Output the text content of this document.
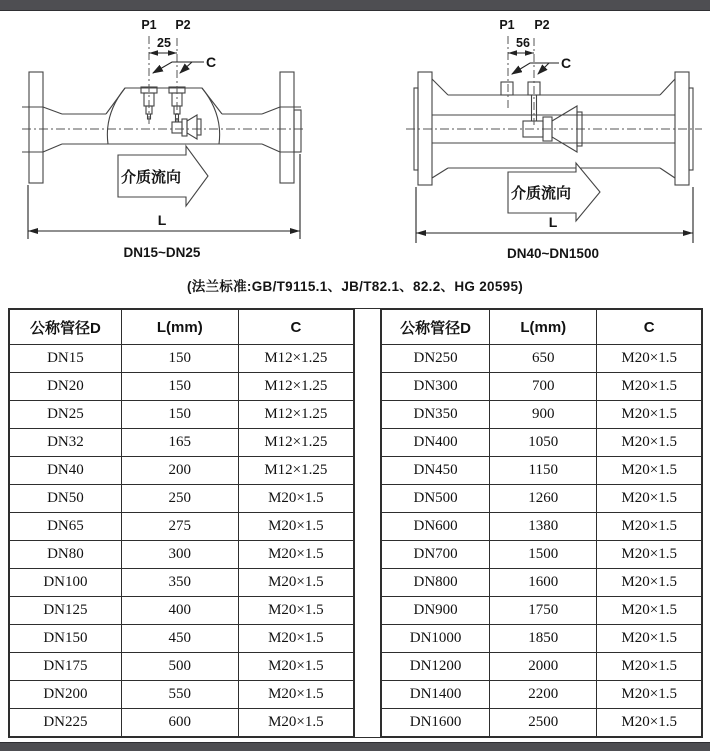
P1 P2
25
C
介质流向
L
DN15~DN25
P1 P2
56
C
介质流向
L
DN40~DN1500
(法兰标准:GB/T9115.1、JB/T82.1、82.2、HG 20595)
公称管径D	L(mm)	C
DN15	150	M12×1.25
DN20	150	M12×1.25
DN25	150	M12×1.25
DN32	165	M12×1.25
DN40	200	M12×1.25
DN50	250	M20×1.5
DN65	275	M20×1.5
DN80	300	M20×1.5
DN100	350	M20×1.5
DN125	400	M20×1.5
DN150	450	M20×1.5
DN175	500	M20×1.5
DN200	550	M20×1.5
DN225	600	M20×1.5
公称管径D	L(mm)	C
DN250	650	M20×1.5
DN300	700	M20×1.5
DN350	900	M20×1.5
DN400	1050	M20×1.5
DN450	1150	M20×1.5
DN500	1260	M20×1.5
DN600	1380	M20×1.5
DN700	1500	M20×1.5
DN800	1600	M20×1.5
DN900	1750	M20×1.5
DN1000	1850	M20×1.5
DN1200	2000	M20×1.5
DN1400	2200	M20×1.5
DN1600	2500	M20×1.5
